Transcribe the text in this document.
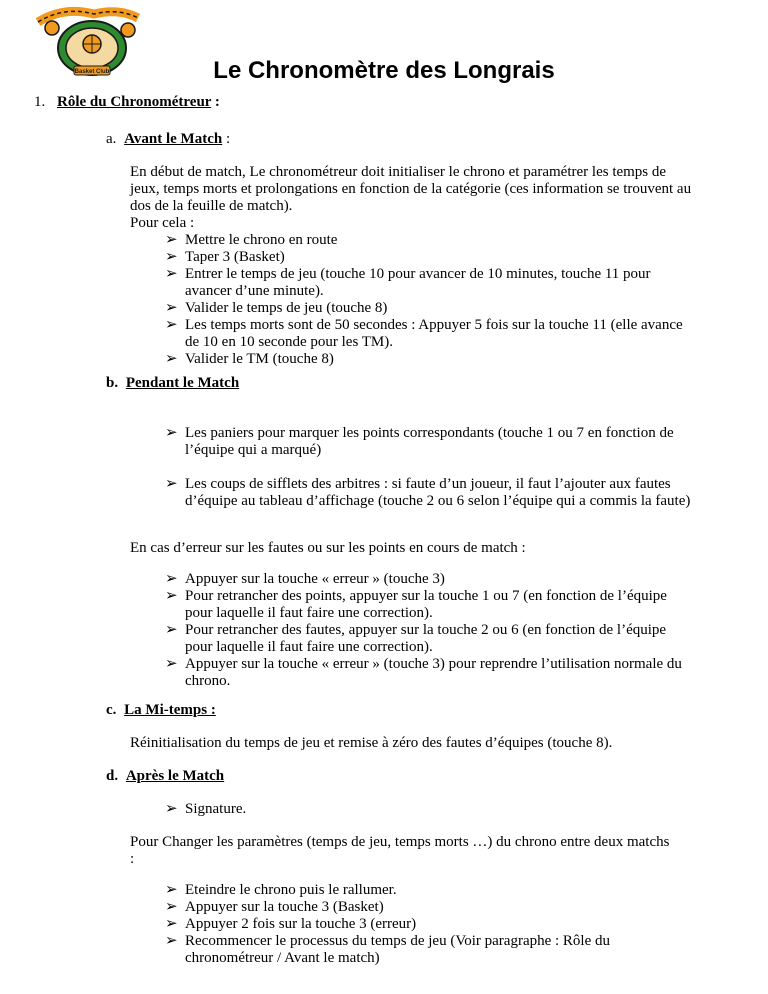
Basket Club	Le Chronomètre des Longrais
1. Rôle du Chronométreur :
a. Avant le Match :
En début de match, Le chronométreur doit initialiser le chrono et paramétrer les temps de jeux, temps morts et prolongations en fonction de la catégorie (ces information se trouvent au dos de la feuille de match).
Pour cela :
➢ Mettre le chrono en route
➢ Taper 3 (Basket)
➢ Entrer le temps de jeu (touche 10 pour avancer de 10 minutes, touche 11 pour avancer d’une minute).
➢ Valider le temps de jeu (touche 8)
➢ Les temps morts sont de 50 secondes : Appuyer 5 fois sur la touche 11 (elle avance de 10 en 10 seconde pour les TM).
➢ Valider le TM (touche 8)
b. Pendant le Match
➢ Les paniers pour marquer les points correspondants (touche 1 ou 7 en fonction de l’équipe qui a marqué)
➢ Les coups de sifflets des arbitres : si faute d’un joueur, il faut l’ajouter aux fautes d’équipe au tableau d’affichage (touche 2 ou 6 selon l’équipe qui a commis la faute)
En cas d’erreur sur les fautes ou sur les points en cours de match :
➢ Appuyer sur la touche « erreur » (touche 3)
➢ Pour retrancher des points, appuyer sur la touche 1 ou 7 (en fonction de l’équipe pour laquelle il faut faire une correction).
➢ Pour retrancher des fautes, appuyer sur la touche 2 ou 6 (en fonction de l’équipe pour laquelle il faut faire une correction).
➢ Appuyer sur la touche « erreur » (touche 3) pour reprendre l’utilisation normale du chrono.
c. La Mi-temps :
Réinitialisation du temps de jeu et remise à zéro des fautes d’équipes (touche 8).
d. Après le Match
➢ Signature.
Pour Changer les paramètres (temps de jeu, temps morts …) du chrono entre deux matchs :
➢ Eteindre le chrono puis le rallumer.
➢ Appuyer sur la touche 3 (Basket)
➢ Appuyer 2 fois sur la touche 3 (erreur)
➢ Recommencer le processus du temps de jeu (Voir paragraphe : Rôle du chronométreur / Avant le match)
